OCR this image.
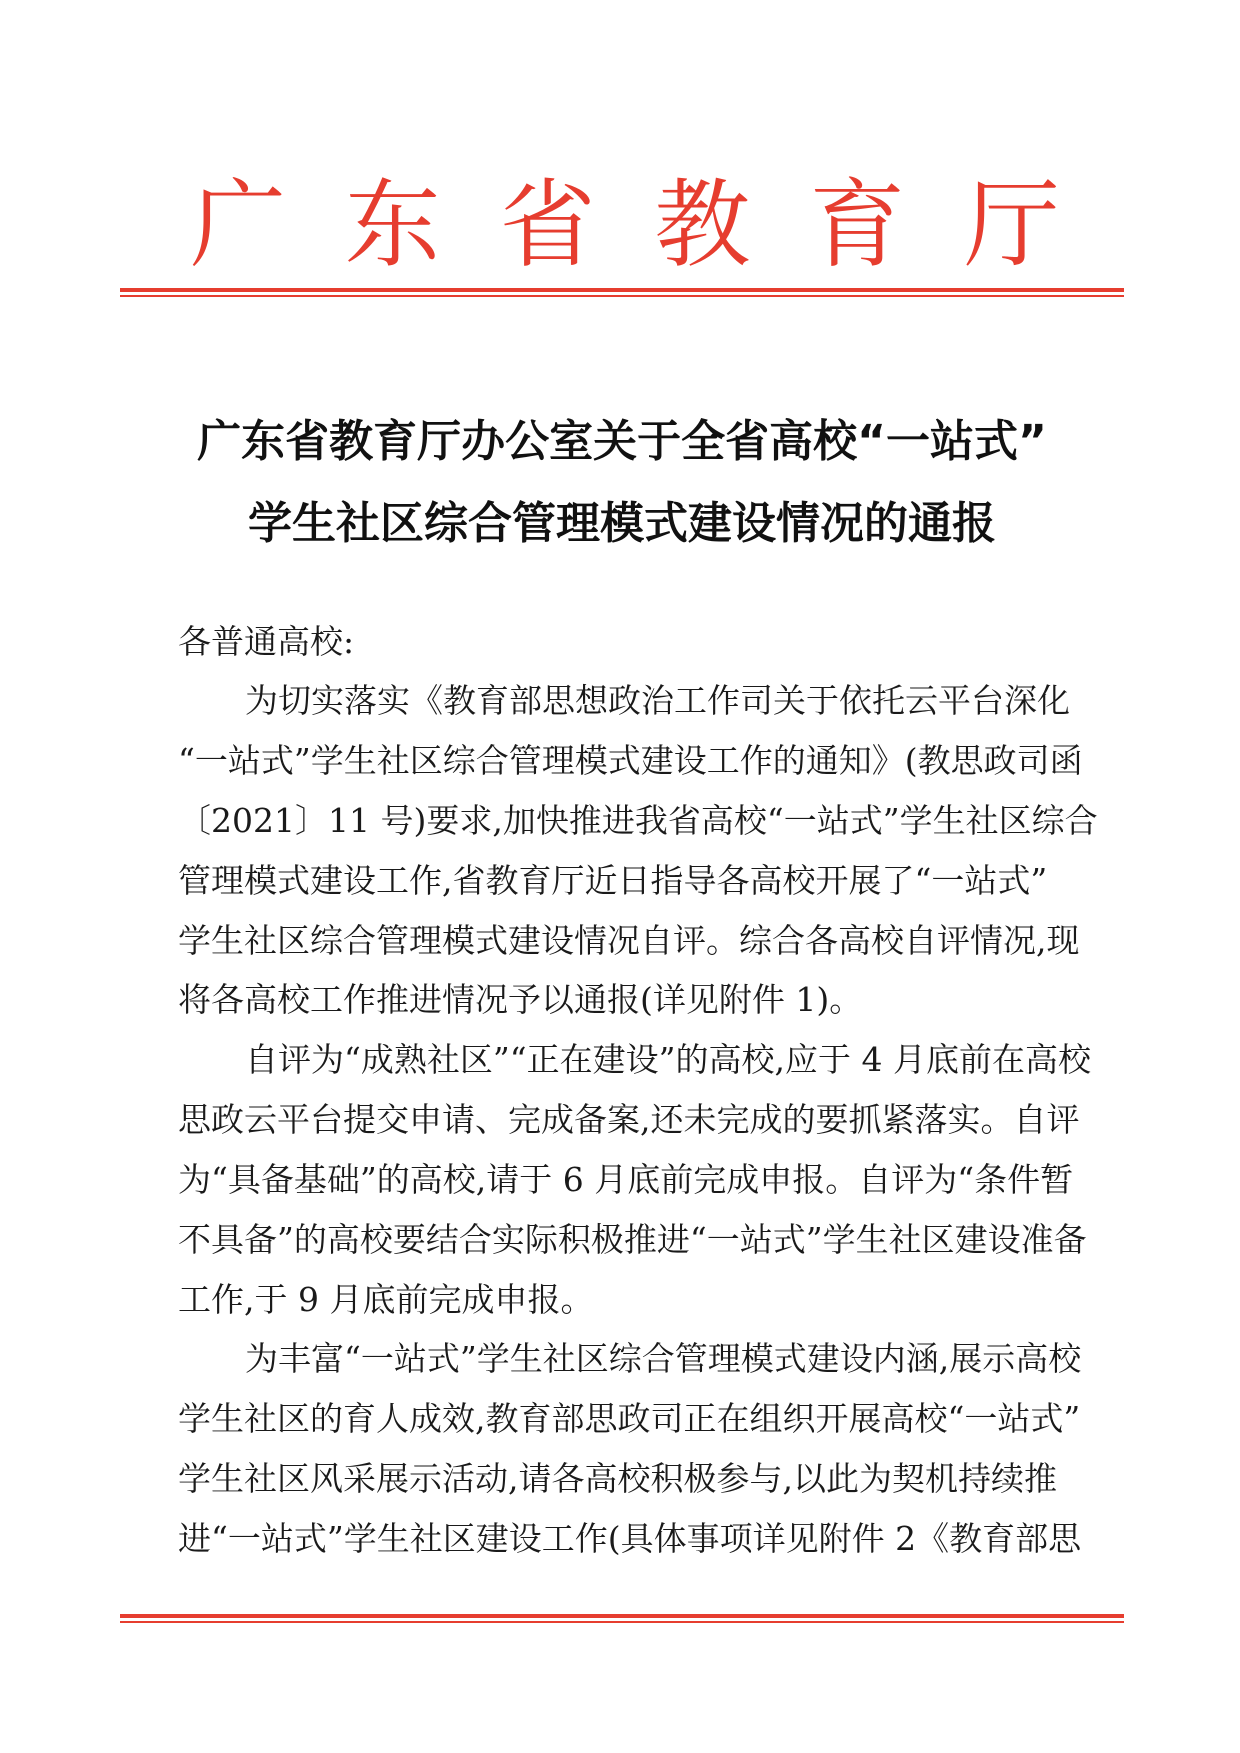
广 东 省 教 育 厅
广东省教育厅办公室关于全省高校“一站式”
学生社区综合管理模式建设情况的通报
各普通高校:
为切实落实《教育部思想政治工作司关于依托云平台深化
“一站式”学生社区综合管理模式建设工作的通知》(教思政司函
〔2021〕11 号)要求,加快推进我省高校“一站式”学生社区综合
管理模式建设工作,省教育厅近日指导各高校开展了“一站式”
学生社区综合管理模式建设情况自评。综合各高校自评情况,现
将各高校工作推进情况予以通报(详见附件 1)。
自评为“成熟社区”“正在建设”的高校,应于 4 月底前在高校
思政云平台提交申请、完成备案,还未完成的要抓紧落实。自评
为“具备基础”的高校,请于 6 月底前完成申报。自评为“条件暂
不具备”的高校要结合实际积极推进“一站式”学生社区建设准备
工作,于 9 月底前完成申报。
为丰富“一站式”学生社区综合管理模式建设内涵,展示高校
学生社区的育人成效,教育部思政司正在组织开展高校“一站式”
学生社区风采展示活动,请各高校积极参与,以此为契机持续推
进“一站式”学生社区建设工作(具体事项详见附件 2《教育部思
